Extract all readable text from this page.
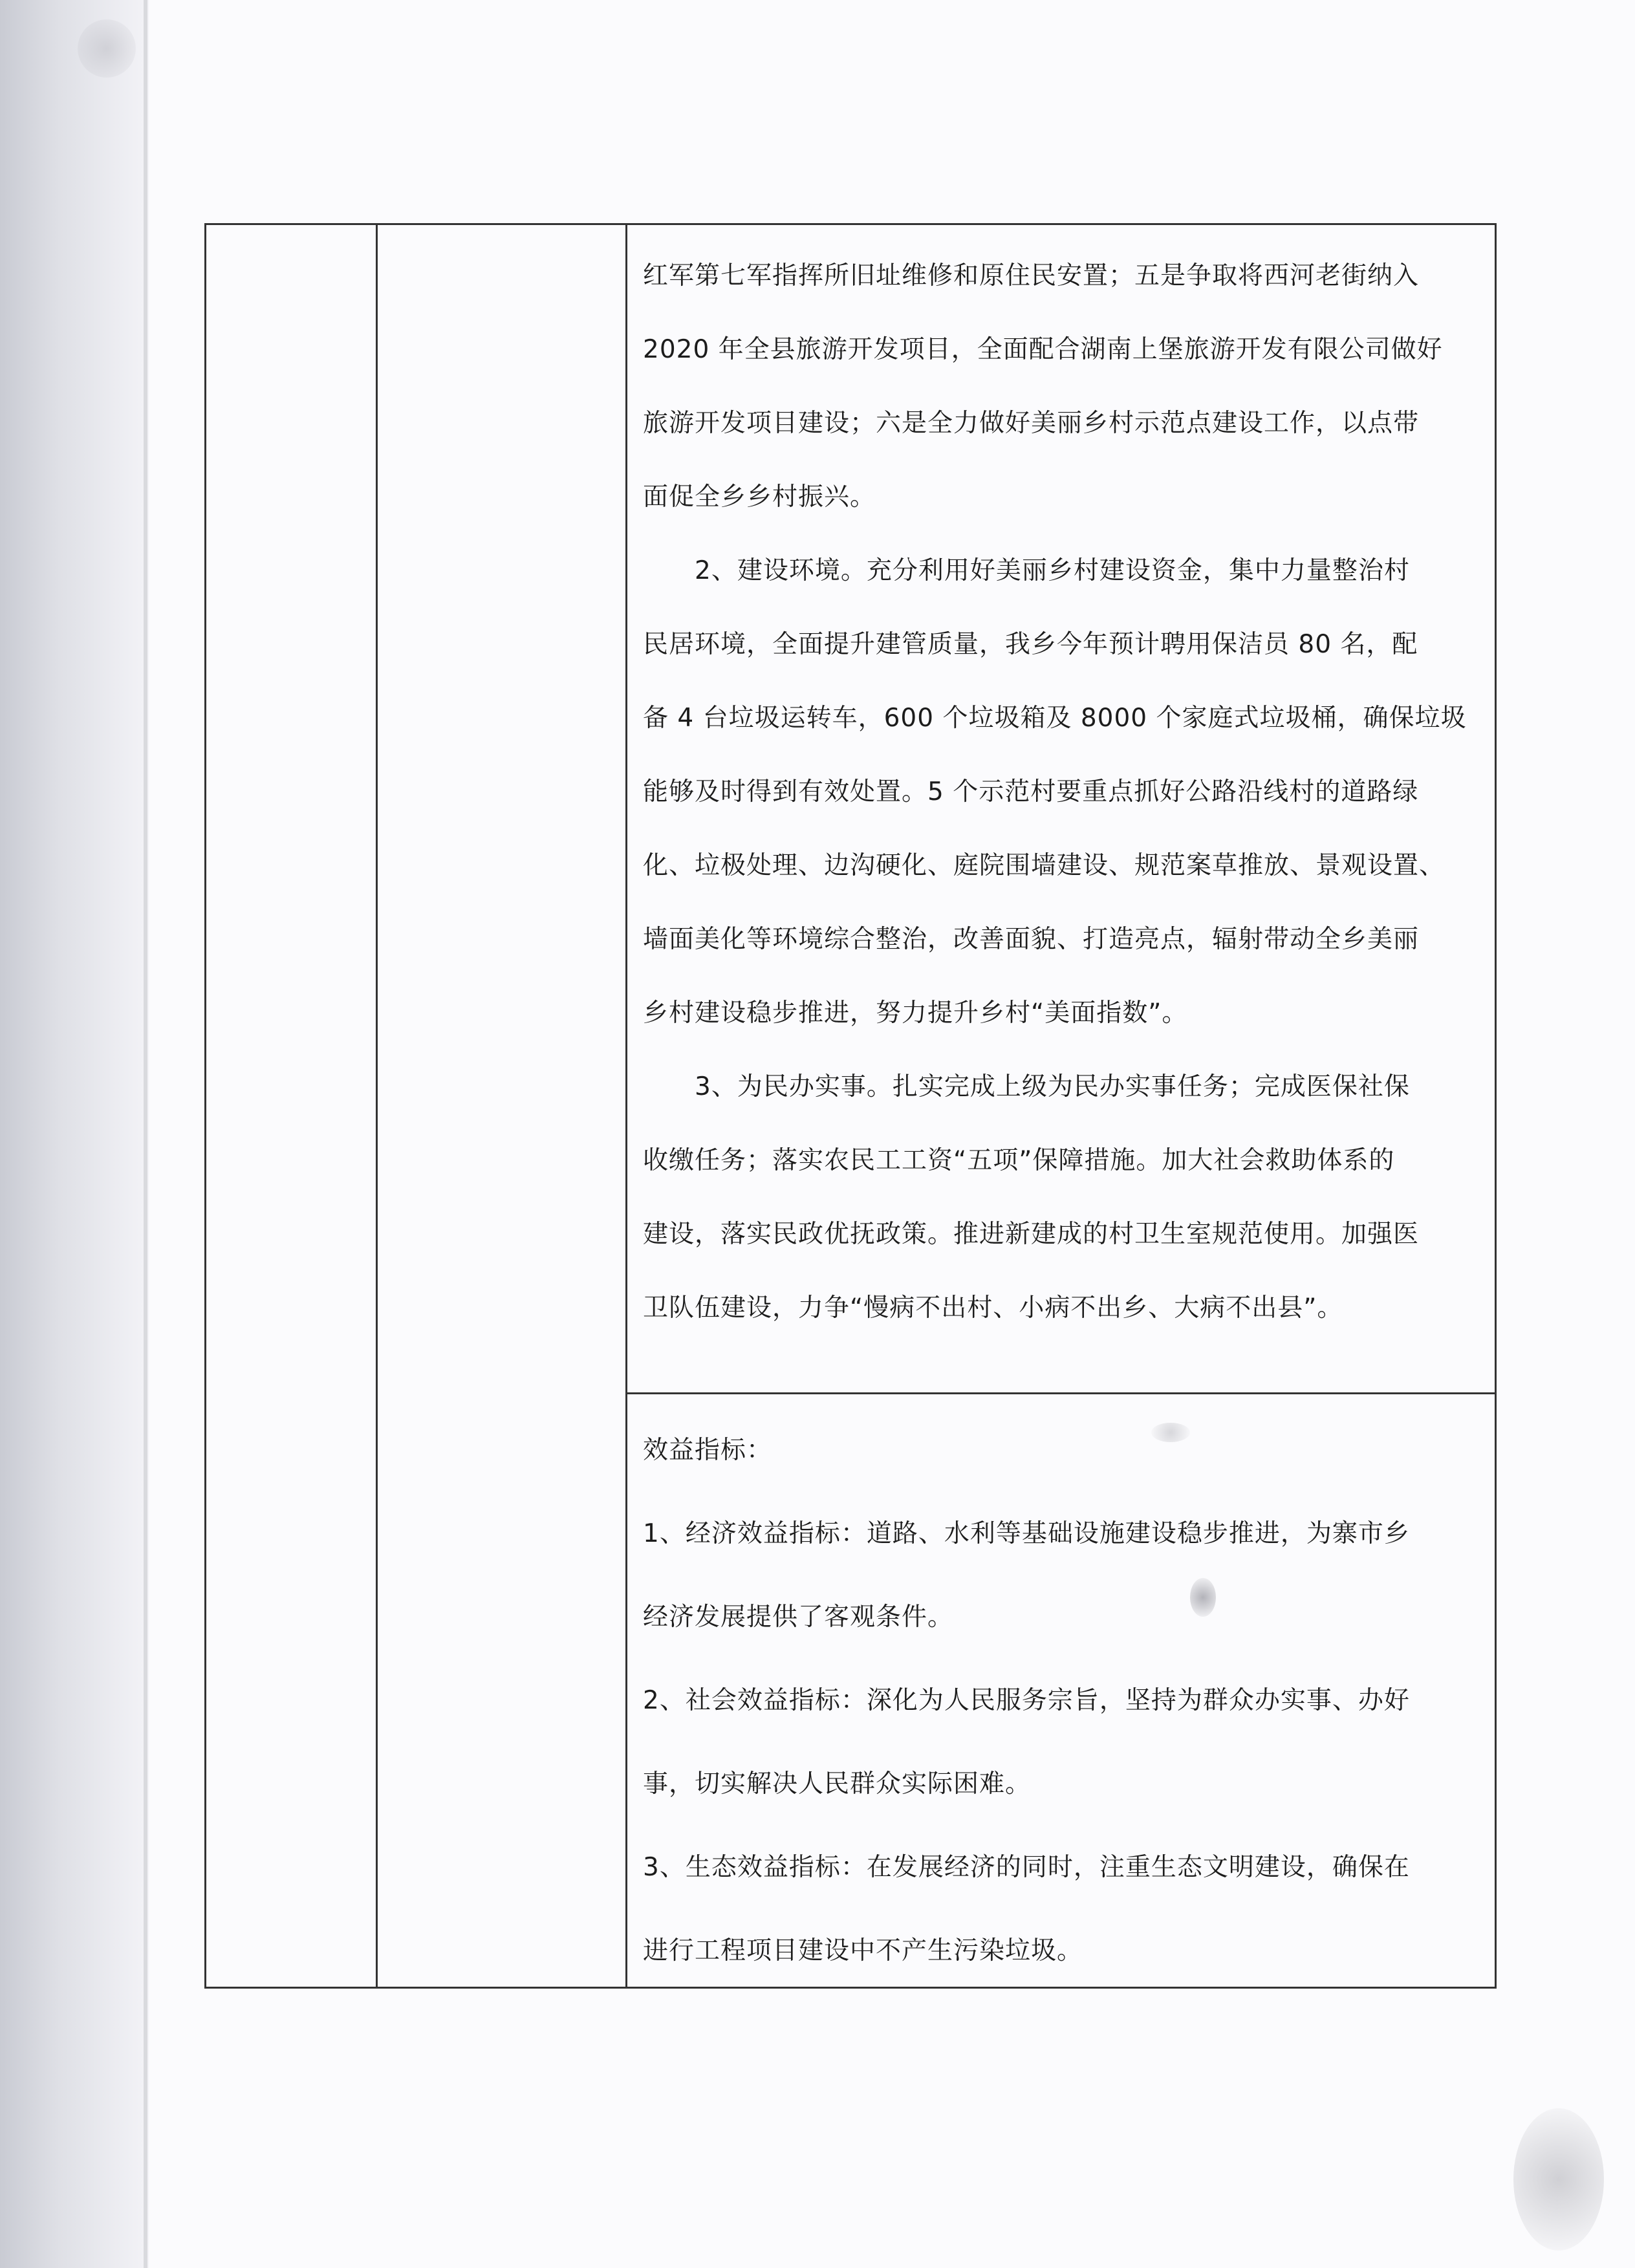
红军第七军指挥所旧址维修和原住民安置；五是争取将西河老街纳入

2020 年全县旅游开发项目，全面配合湖南上堡旅游开发有限公司做好

旅游开发项目建设；六是全力做好美丽乡村示范点建设工作，以点带

面促全乡乡村振兴。

2、建设环境。充分利用好美丽乡村建设资金，集中力量整治村

民居环境，全面提升建管质量，我乡今年预计聘用保洁员 80 名，配

备 4 台垃圾运转车，600 个垃圾箱及 8000 个家庭式垃圾桶，确保垃圾

能够及时得到有效处置。5 个示范村要重点抓好公路沿线村的道路绿

化、垃极处理、边沟硬化、庭院围墙建设、规范案草推放、景观设置、

墙面美化等环境综合整治，改善面貌、打造亮点，辐射带动全乡美丽

乡村建设稳步推进，努力提升乡村“美面指数”。

3、为民办实事。扎实完成上级为民办实事任务；完成医保社保

收缴任务；落实农民工工资“五项”保障措施。加大社会救助体系的

建设，落实民政优抚政策。推进新建成的村卫生室规范使用。加强医

卫队伍建设，力争“慢病不出村、小病不出乡、大病不出县”。

效益指标：

1、经济效益指标：道路、水利等基础设施建设稳步推进，为寨市乡

经济发展提供了客观条件。

2、社会效益指标：深化为人民服务宗旨，坚持为群众办实事、办好

事，切实解决人民群众实际困难。

3、生态效益指标：在发展经济的同时，注重生态文明建设，确保在

进行工程项目建设中不产生污染垃圾。
